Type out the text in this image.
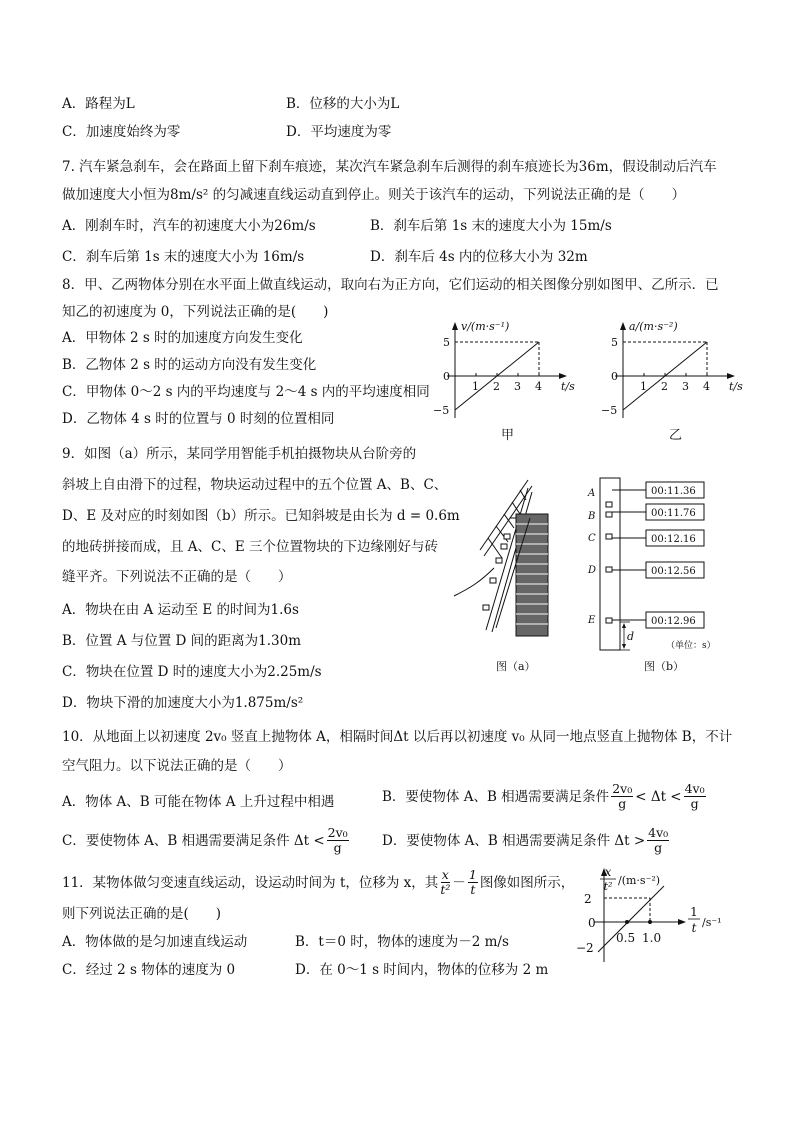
A．路程为L	B．位移的大小为L
C．加速度始终为零	D．平均速度为零
7. 汽车紧急刹车，会在路面上留下刹车痕迹，某次汽车紧急刹车后测得的刹车痕迹长为36m，假设制动后汽车
做加速度大小恒为8m/s² 的匀减速直线运动直到停止。则关于该汽车的运动，下列说法正确的是（　　）
A．刚刹车时，汽车的初速度大小为26m/s	B．刹车后第 1s 末的速度大小为 15m/s
C．刹车后第 1s 末的速度大小为 16m/s	D．刹车后 4s 内的位移大小为 32m
8．甲、乙两物体分别在水平面上做直线运动，取向右为正方向，它们运动的相关图像分别如图甲、乙所示．已
知乙的初速度为 0，下列说法正确的是(　　)
A．甲物体 2 s 时的加速度方向发生变化
B．乙物体 2 s 时的运动方向没有发生变化
C．甲物体 0～2 s 内的平均速度与 2～4 s 内的平均速度相同
D．乙物体 4 s 时的位置与 0 时刻的位置相同
v/(m·s⁻¹)
t/s
5
0
−5
1 2 3 4
甲
a/(m·s⁻²)
t/s
5
0
−5
1 2 3 4
乙
9．如图（a）所示，某同学用智能手机拍摄物块从台阶旁的
斜坡上自由滑下的过程，物块运动过程中的五个位置 A、B、C、
D、E 及对应的时刻如图（b）所示。已知斜坡是由长为 d = 0.6m
的地砖拼接而成，且 A、C、E 三个位置物块的下边缘刚好与砖
缝平齐。下列说法不正确的是（　　）
A．物块在由 A 运动至 E 的时间为1.6s
B．位置 A 与位置 D 间的距离为1.30m
C．物块在位置 D 时的速度大小为2.25m/s
D．物块下滑的加速度大小为1.875m/s²
图（a）
A
B
C
D
E
00:11.36
00:11.76
00:12.16
00:12.56
00:12.96
d
（单位：s）
图（b）
10．从地面上以初速度 2v₀ 竖直上抛物体 A，相隔时间Δt 以后再以初速度 v₀ 从同一地点竖直上抛物体 B，不计
空气阻力。以下说法正确的是（　　）
A．物体 A、B 可能在物体 A 上升过程中相遇	B．要使物体 A、B 相遇需要满足条件 $\frac{\text{2v₀}}{g} < \Delta t < \frac{\text{4v₀}}{g}$
C．要使物体 A、B 相遇需要满足条件 $\Delta t < \frac{\text{2v₀}}{g}$ D．要使物体 A、B 相遇需要满足条件 $\Delta t > \frac{\text{4v₀}}{g}$
11．某物体做匀变速直线运动，设运动时间为 t，位移为 x，其 $\frac{x}{\text{t²}} - \frac{1}{t}$ 图像如图所示，
则下列说法正确的是(　　)
A．物体做的是匀加速直线运动	B．t＝0 时，物体的速度为－2 m/s
C．经过 2 s 物体的速度为 0	D．在 0～1 s 时间内，物体的位移为 2 m
x
t² /(m·s⁻²)
1
t /s⁻¹
2
0
−2
0.5 1.0
